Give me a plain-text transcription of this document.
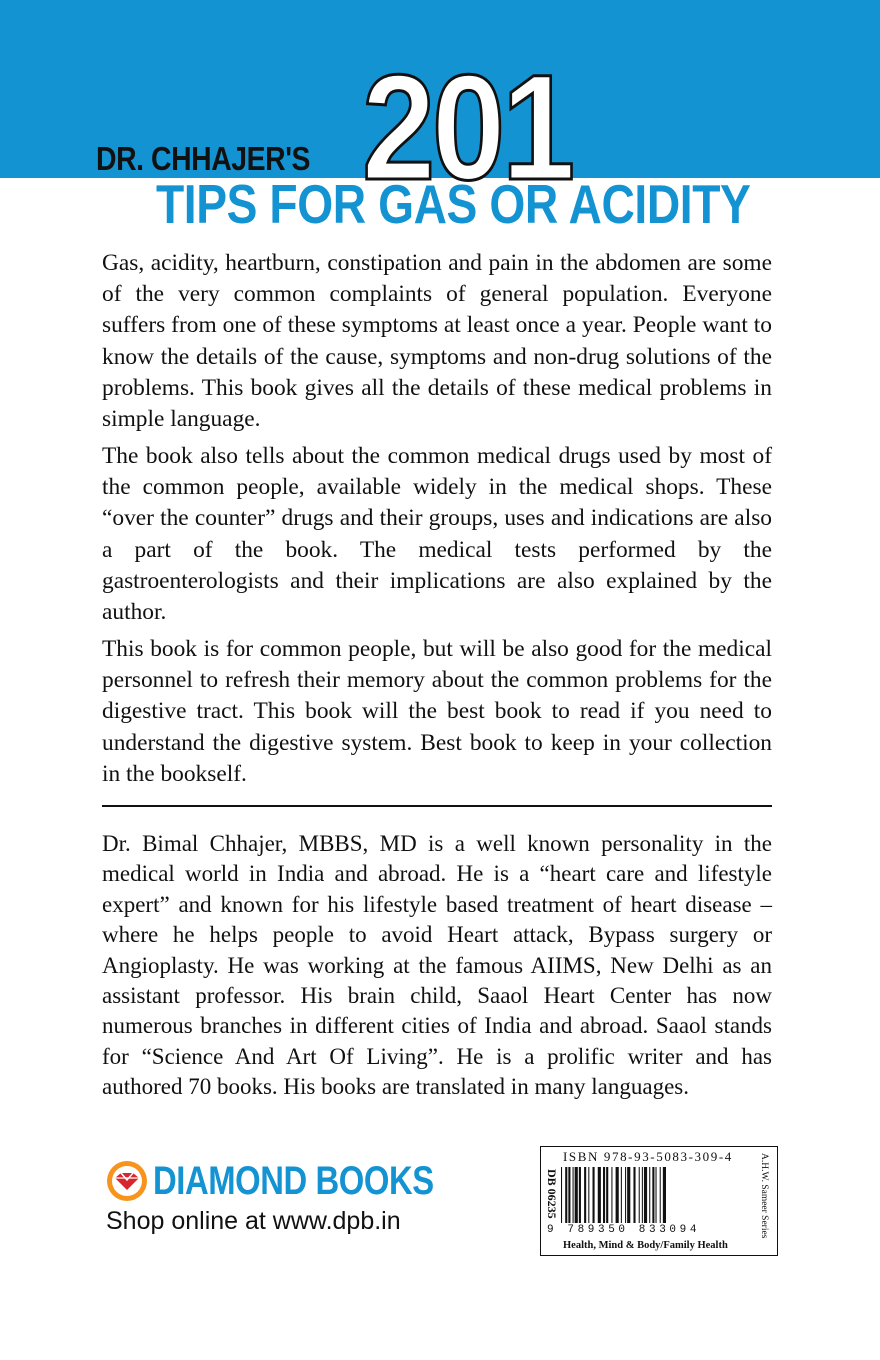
DR. CHHAJER'S 201
TIPS FOR GAS OR ACIDITY

Gas, acidity, heartburn, constipation and pain in the abdomen are some of the very common complaints of general population. Everyone suffers from one of these symptoms at least once a year. People want to know the details of the cause, symptoms and non-drug solutions of the problems. This book gives all the details of these medical problems in simple language.

The book also tells about the common medical drugs used by most of the common people, available widely in the medical shops. These “over the counter” drugs and their groups, uses and indications are also a part of the book. The medical tests performed by the gastroenterologists and their implications are also explained by the author.

This book is for common people, but will be also good for the medical personnel to refresh their memory about the common problems for the digestive tract. This book will the best book to read if you need to understand the digestive system. Best book to keep in your collection in the bookself.

Dr. Bimal Chhajer, MBBS, MD is a well known personality in the medical world in India and abroad. He is a “heart care and lifestyle expert” and known for his lifestyle based treatment of heart disease – where he helps people to avoid Heart attack, Bypass surgery or Angioplasty. He was working at the famous AIIMS, New Delhi as an assistant professor. His brain child, Saaol Heart Center has now numerous branches in different cities of India and abroad. Saaol stands for “Science And Art Of Living”. He is a prolific writer and has authored 70 books. His books are translated in many languages.

DIAMOND BOOKS
Shop online at www.dpb.in
ISBN 978-93-5083-309-4
DB 06235	A.H.W. Sameer Series
9 789350 833094
Health, Mind & Body/Family Health
